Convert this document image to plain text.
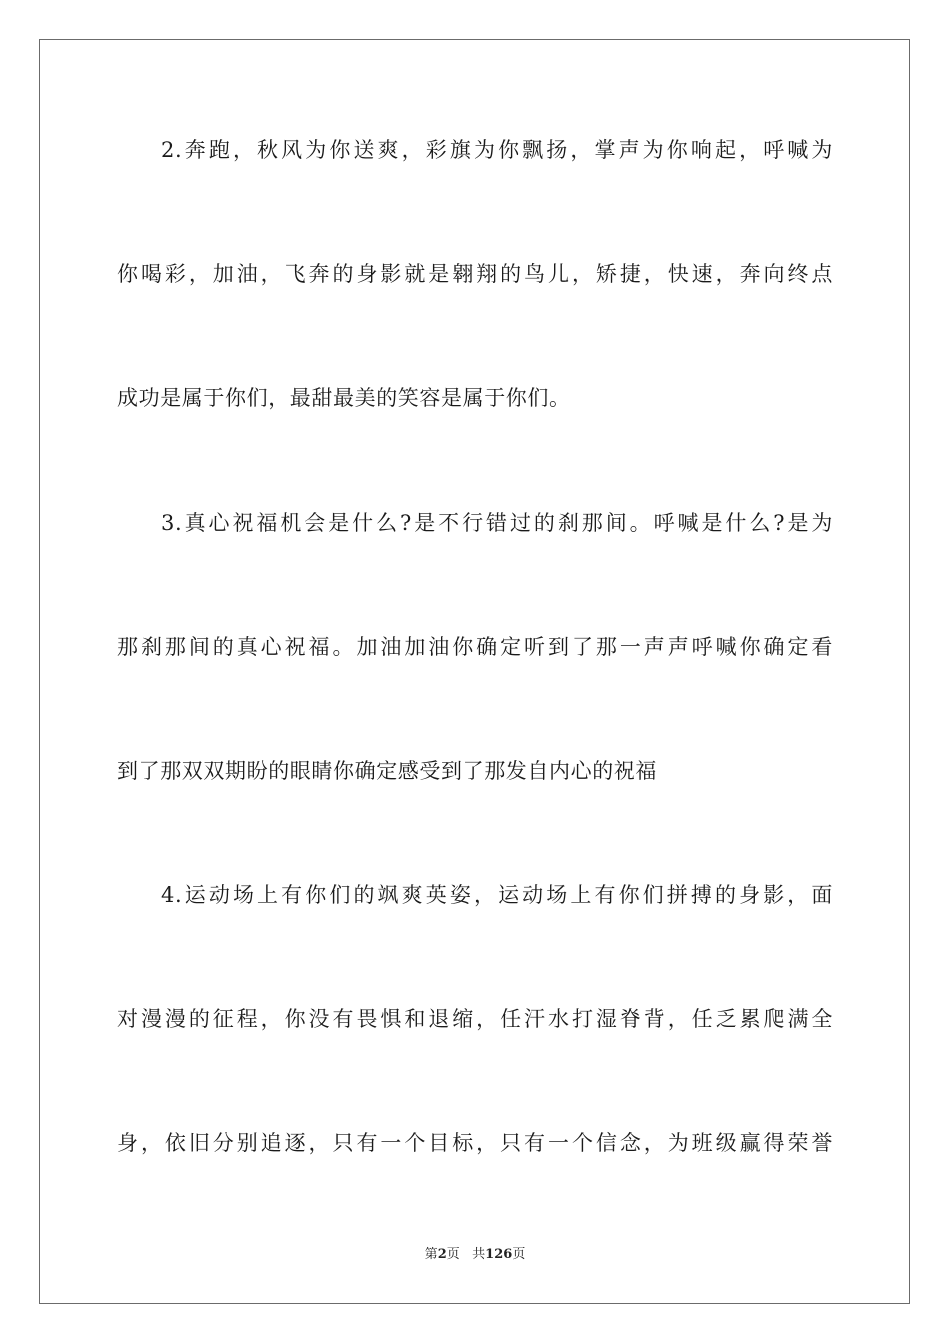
2.奔跑，秋风为你送爽，彩旗为你飘扬，掌声为你响起，呼喊为
你喝彩，加油，飞奔的身影就是翱翔的鸟儿，矫捷，快速，奔向终点
成功是属于你们，最甜最美的笑容是属于你们。
3.真心祝福机会是什么?是不行错过的刹那间。呼喊是什么?是为
那刹那间的真心祝福。加油加油你确定听到了那一声声呼喊你确定看
到了那双双期盼的眼睛你确定感受到了那发自内心的祝福
4.运动场上有你们的飒爽英姿，运动场上有你们拼搏的身影，面
对漫漫的征程，你没有畏惧和退缩，任汗水打湿脊背，任乏累爬满全
身，依旧分别追逐，只有一个目标，只有一个信念，为班级赢得荣誉
第2页 共126页
